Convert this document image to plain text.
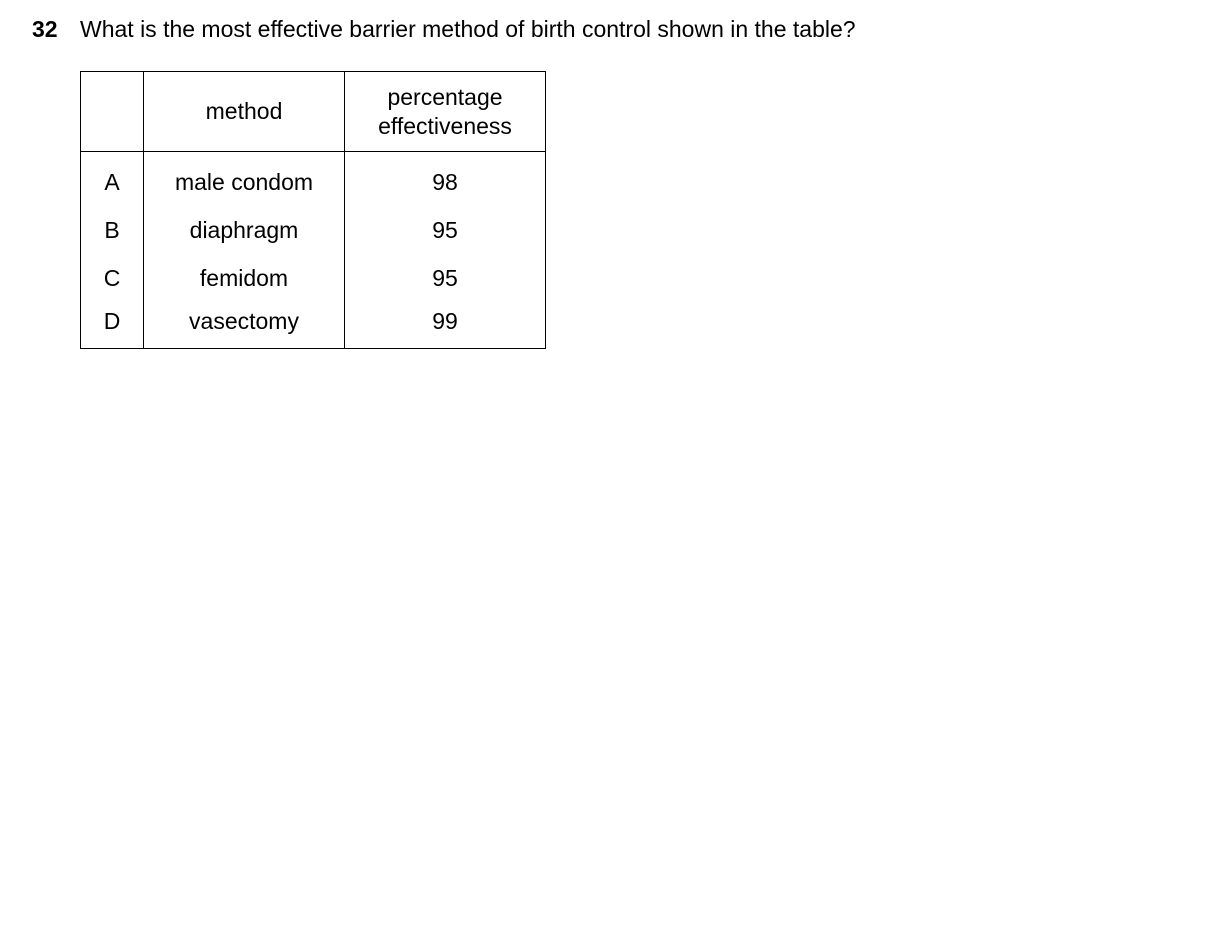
32 What is the most effective barrier method of birth control shown in the table?
	method	percentage
effectiveness

A	male condom	98
B	diaphragm	95
C	femidom	95
D	vasectomy	99
